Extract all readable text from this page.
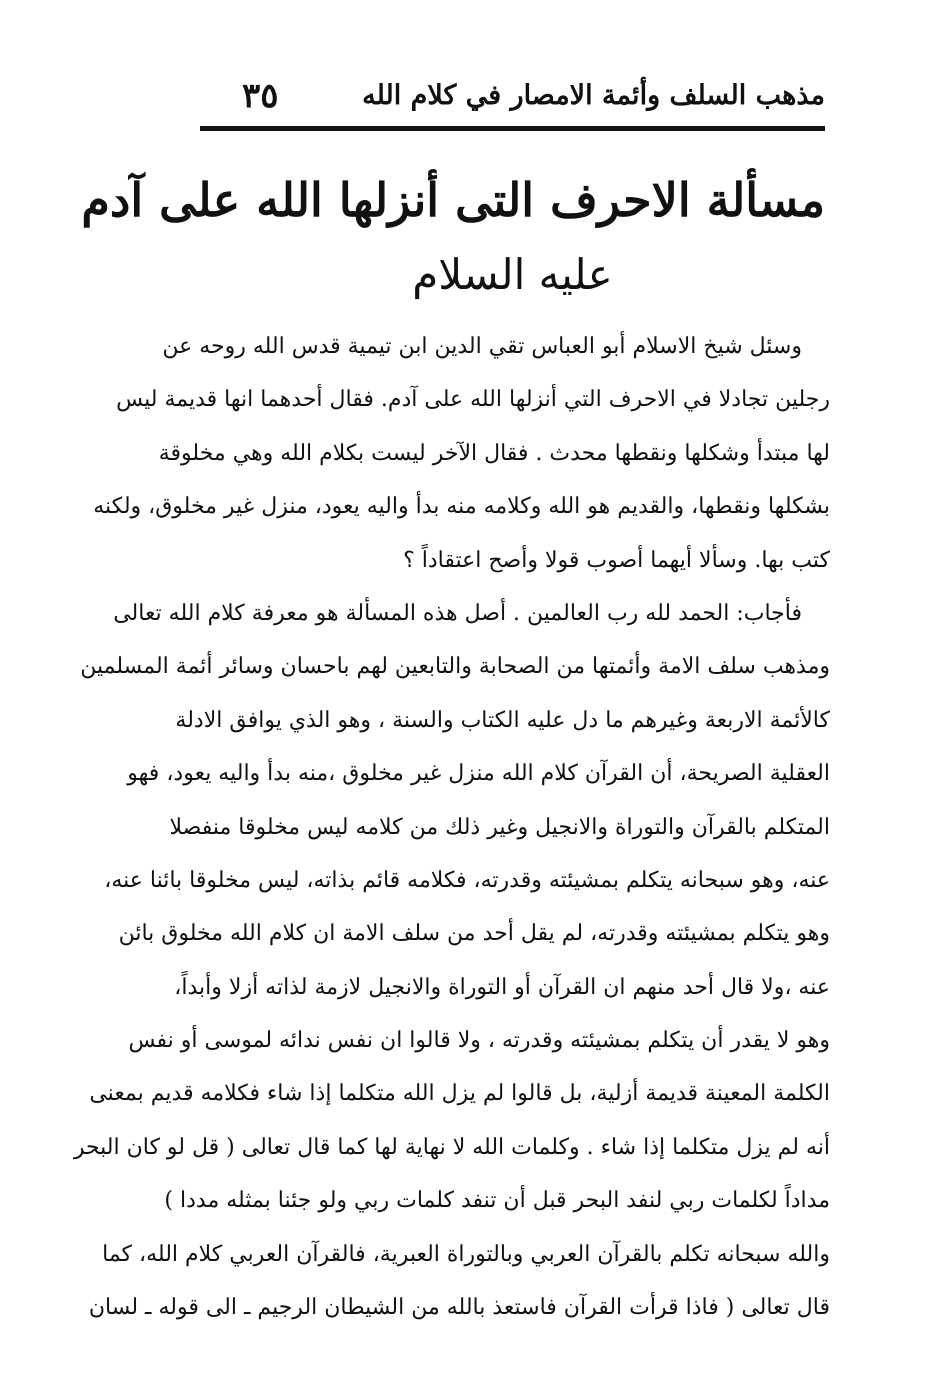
مذهب السلف وأئمة الامصار في كلام الله
٣٥
مسألة الاحرف التى أنزلها الله على آدم
عليه السلام
وسئل شيخ الاسلام أبو العباس تقي الدين ابن تيمية قدس الله روحه عن
رجلين تجادلا في الاحرف التي أنزلها الله على آدم. فقال أحدهما انها قديمة ليس
لها مبتدأ وشكلها ونقطها محدث . فقال الآخر ليست بكلام الله وهي مخلوقة
بشكلها ونقطها، والقديم هو الله وكلامه منه بدأ واليه يعود، منزل غير مخلوق، ولكنه
كتب بها. وسألا أيهما أصوب قولا وأصح اعتقاداً ؟
فأجاب: الحمد لله رب العالمين . أصل هذه المسألة هو معرفة كلام الله تعالى
ومذهب سلف الامة وأئمتها من الصحابة والتابعين لهم باحسان وسائر أئمة المسلمين
كالأئمة الاربعة وغيرهم ما دل عليه الكتاب والسنة ، وهو الذي يوافق الادلة
العقلية الصريحة، أن القرآن كلام الله منزل غير مخلوق ،منه بدأ واليه يعود، فهو
المتكلم بالقرآن والتوراة والانجيل وغير ذلك من كلامه ليس مخلوقا منفصلا
عنه، وهو سبحانه يتكلم بمشيئته وقدرته، فكلامه قائم بذاته، ليس مخلوقا بائنا عنه،
وهو يتكلم بمشيئته وقدرته، لم يقل أحد من سلف الامة ان كلام الله مخلوق بائن
عنه ،ولا قال أحد منهم ان القرآن أو التوراة والانجيل لازمة لذاته أزلا وأبداً،
وهو لا يقدر أن يتكلم بمشيئته وقدرته ، ولا قالوا ان نفس ندائه لموسى أو نفس
الكلمة المعينة قديمة أزلية، بل قالوا لم يزل الله متكلما إذا شاء فكلامه قديم بمعنى
أنه لم يزل متكلما إذا شاء . وكلمات الله لا نهاية لها كما قال تعالى ( قل لو كان البحر
مداداً لكلمات ربي لنفد البحر قبل أن تنفد كلمات ربي ولو جئنا بمثله مددا )
والله سبحانه تكلم بالقرآن العربي وبالتوراة العبرية، فالقرآن العربي كلام الله، كما
قال تعالى ( فاذا قرأت القرآن فاستعذ بالله من الشيطان الرجيم ـ الى قوله ـ لسان
